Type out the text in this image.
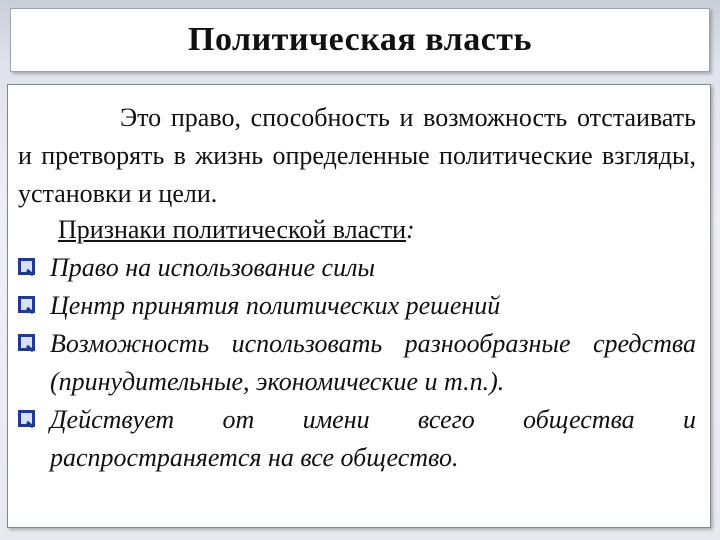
Политическая власть
Это право, способность и возможность отстаивать и претворять в жизнь определенные политические взгляды, установки и цели.
Признаки политической власти:
Право на использование силы
Центр принятия политических решений
Возможность использовать разнообразные средства (принудительные, экономические и т.п.).
Действует от имени всего общества и распространяется на все общество.
